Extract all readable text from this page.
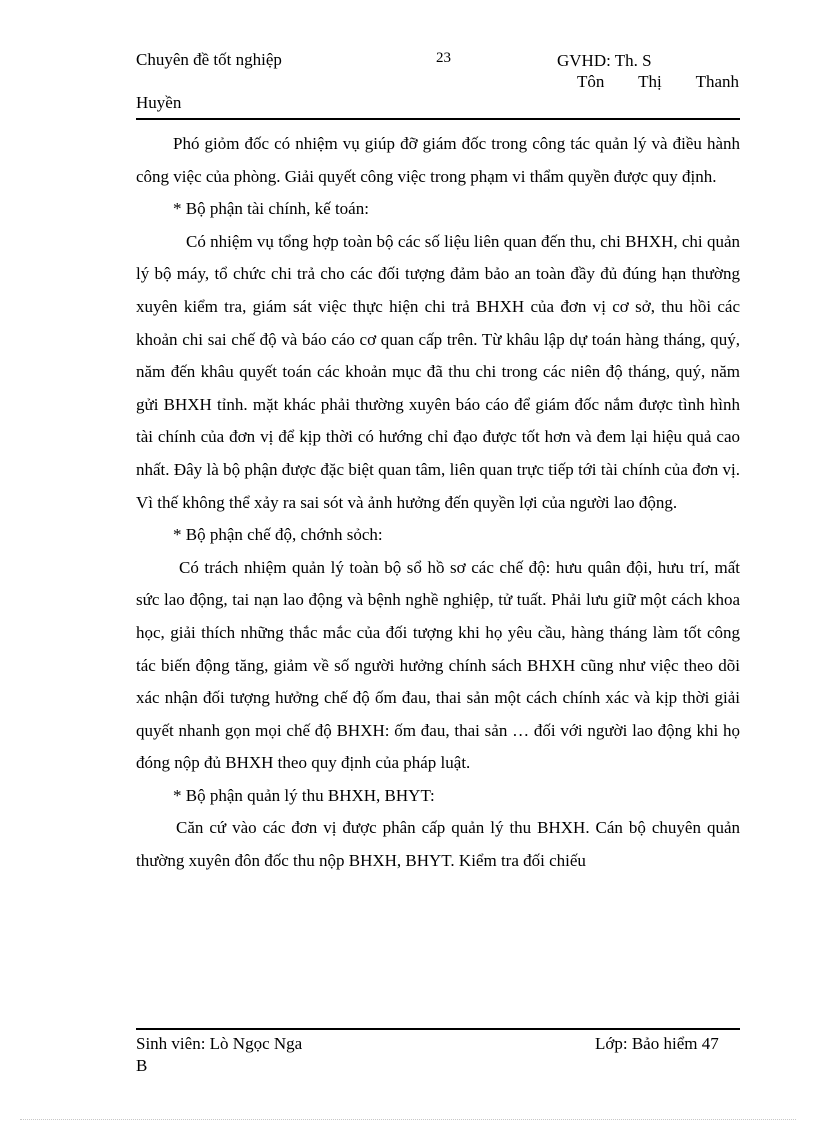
Chuyên đề tốt nghiệp	23	GVHD: Th. S
Tôn Thị Thanh
Huyền

Phó giỏm đốc có nhiệm vụ giúp đỡ giám đốc trong công tác quản lý và điều hành công việc của phòng. Giải quyết công việc trong phạm vi thẩm quyền được quy định.

* Bộ phận tài chính, kế toán:

Có nhiệm vụ tổng hợp toàn bộ các số liệu liên quan đến thu, chi BHXH, chi quản lý bộ máy, tổ chức chi trả cho các đối tượng đảm bảo an toàn đầy đủ đúng hạn thường xuyên kiểm tra, giám sát việc thực hiện chi trả BHXH của đơn vị cơ sở, thu hồi các khoản chi sai chế độ và báo cáo cơ quan cấp trên. Từ khâu lập dự toán hàng tháng, quý, năm đến khâu quyết toán các khoản mục đã thu chi trong các niên độ tháng, quý, năm gửi BHXH tỉnh. mặt khác phải thường xuyên báo cáo để giám đốc nắm được tình hình tài chính của đơn vị để kịp thời có hướng chỉ đạo được tốt hơn và đem lại hiệu quả cao nhất. Đây là bộ phận được đặc biệt quan tâm, liên quan trực tiếp tới tài chính của đơn vị. Vì thế không thể xảy ra sai sót và ảnh hưởng đến quyền lợi của người lao động.

* Bộ phận chế độ, chớnh sỏch:

Có trách nhiệm quản lý toàn bộ sổ hồ sơ các chế độ: hưu quân đội, hưu trí, mất sức lao động, tai nạn lao động và bệnh nghề nghiệp, tử tuất. Phải lưu giữ một cách khoa học, giải thích những thắc mắc của đối tượng khi họ yêu cầu, hàng tháng làm tốt công tác biến động tăng, giảm về số người hưởng chính sách BHXH cũng như việc theo dõi xác nhận đối tượng hưởng chế độ ốm đau, thai sản một cách chính xác và kịp thời giải quyết nhanh gọn mọi chế độ BHXH: ốm đau, thai sản … đối với người lao động khi họ đóng nộp đủ BHXH theo quy định của pháp luật.

* Bộ phận quản lý thu BHXH, BHYT:

Căn cứ vào các đơn vị được phân cấp quản lý thu BHXH. Cán bộ chuyên quản thường xuyên đôn đốc thu nộp BHXH, BHYT. Kiểm tra đối chiếu

Sinh viên: Lò Ngọc Nga	Lớp: Bảo hiểm 47
B
